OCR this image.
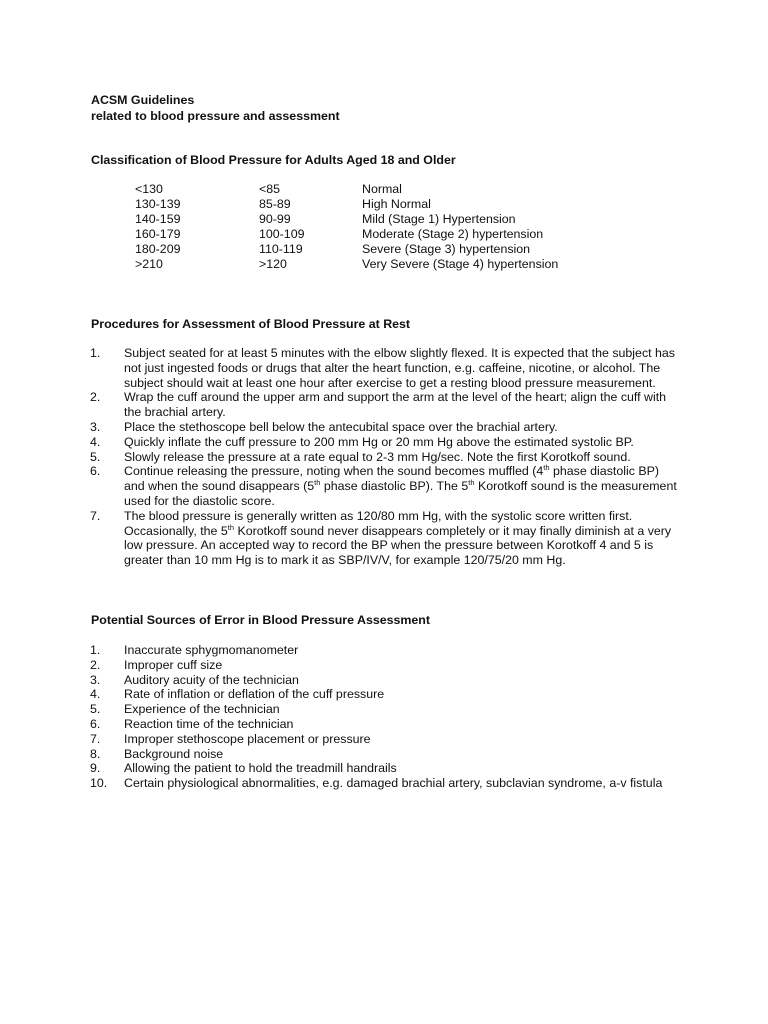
ACSM Guidelines
related to blood pressure and assessment
Classification of Blood Pressure for Adults Aged 18 and Older
<130	<85	Normal
130-139	85-89	High Normal
140-159	90-99	Mild (Stage 1) Hypertension
160-179	100-109	Moderate (Stage 2) hypertension
180-209	110-119	Severe (Stage 3) hypertension
>210	>120	Very Severe (Stage 4) hypertension
Procedures for Assessment of Blood Pressure at Rest
1. Subject seated for at least 5 minutes with the elbow slightly flexed. It is expected that the subject has not just ingested foods or drugs that alter the heart function, e.g. caffeine, nicotine, or alcohol. The subject should wait at least one hour after exercise to get a resting blood pressure measurement.
2. Wrap the cuff around the upper arm and support the arm at the level of the heart; align the cuff with the brachial artery.
3. Place the stethoscope bell below the antecubital space over the brachial artery.
4. Quickly inflate the cuff pressure to 200 mm Hg or 20 mm Hg above the estimated systolic BP.
5. Slowly release the pressure at a rate equal to 2-3 mm Hg/sec. Note the first Korotkoff sound.
6. Continue releasing the pressure, noting when the sound becomes muffled (4th phase diastolic BP) and when the sound disappears (5th phase diastolic BP). The 5th Korotkoff sound is the measurement used for the diastolic score.
7. The blood pressure is generally written as 120/80 mm Hg, with the systolic score written first. Occasionally, the 5th Korotkoff sound never disappears completely or it may finally diminish at a very low pressure. An accepted way to record the BP when the pressure between Korotkoff 4 and 5 is greater than 10 mm Hg is to mark it as SBP/IV/V, for example 120/75/20 mm Hg.
Potential Sources of Error in Blood Pressure Assessment
1. Inaccurate sphygmomanometer
2. Improper cuff size
3. Auditory acuity of the technician
4. Rate of inflation or deflation of the cuff pressure
5. Experience of the technician
6. Reaction time of the technician
7. Improper stethoscope placement or pressure
8. Background noise
9. Allowing the patient to hold the treadmill handrails
10. Certain physiological abnormalities, e.g. damaged brachial artery, subclavian syndrome, a-v fistula
